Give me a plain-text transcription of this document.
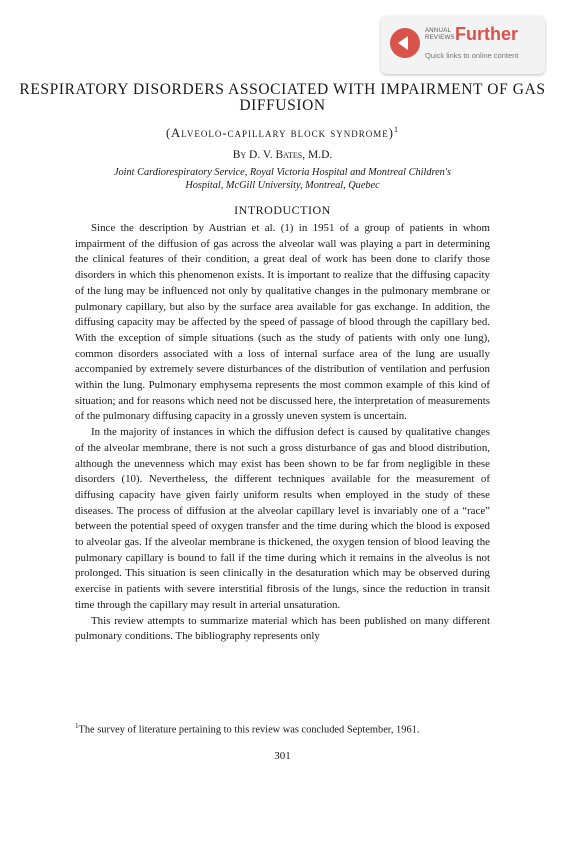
ANNUAL REVIEWS Further
Quick links to online content
RESPIRATORY DISORDERS ASSOCIATED WITH IMPAIRMENT OF GAS DIFFUSION
(Alveolo-capillary block syndrome)$^1$
By D. V. Bates, M.D.
Joint Cardiorespiratory Service, Royal Victoria Hospital and Montreal Children's Hospital, McGill University, Montreal, Quebec
INTRODUCTION

Since the description by Austrian et al. (1) in 1951 of a group of patients in whom impairment of the diffusion of gas across the alveolar wall was playing a part in determining the clinical features of their condition, a great deal of work has been done to clarify those disorders in which this phenomenon exists. It is important to realize that the diffusing capacity of the lung may be influenced not only by qualitative changes in the pulmonary membrane or pulmonary capillary, but also by the surface area available for gas exchange. In addition, the diffusing capacity may be affected by the speed of passage of blood through the capillary bed. With the exception of simple situations (such as the study of patients with only one lung), common disorders associated with a loss of internal surface area of the lung are usually accompanied by extremely severe disturbances of the distribution of ventilation and perfusion within the lung. Pulmonary emphysema represents the most common example of this kind of situation; and for reasons which need not be discussed here, the interpretation of measurements of the pulmonary diffusing capacity in a grossly uneven system is uncertain.

In the majority of instances in which the diffusion defect is caused by qualitative changes of the alveolar membrane, there is not such a gross disturbance of gas and blood distribution, although the unevenness which may exist has been shown to be far from negligible in these disorders (10). Nevertheless, the different techniques available for the measurement of diffusing capacity have given fairly uniform results when employed in the study of these diseases. The process of diffusion at the alveolar capillary level is invariably one of a “race” between the potential speed of oxygen transfer and the time during which the blood is exposed to alveolar gas. If the alveolar membrane is thickened, the oxygen tension of blood leaving the pulmonary capillary is bound to fall if the time during which it remains in the alveolus is not prolonged. This situation is seen clinically in the desaturation which may be observed during exercise in patients with severe interstitial fibrosis of the lungs, since the reduction in transit time through the capillary may result in arterial unsaturation.

This review attempts to summarize material which has been published on many different pulmonary conditions. The bibliography represents only

$^1$The survey of literature pertaining to this review was concluded September, 1961.
301
